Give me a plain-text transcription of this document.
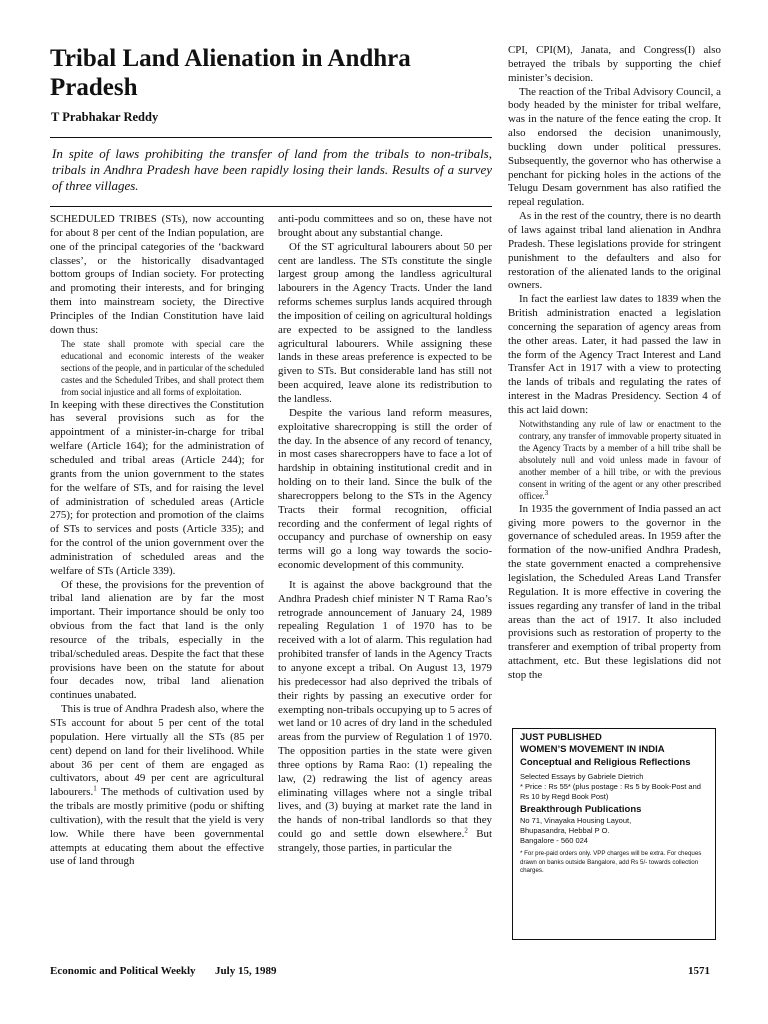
Tribal Land Alienation in Andhra Pradesh
T Prabhakar Reddy
In spite of laws prohibiting the transfer of land from the tribals to non-tribals, tribals in Andhra Pradesh have been rapidly losing their lands. Results of a survey of three villages.

SCHEDULED TRIBES (STs), now accounting for about 8 per cent of the Indian population, are one of the principal categories of the ‘backward classes’, or the historically disadvantaged bottom groups of Indian society. For protecting and promoting their interests, and for bringing them into mainstream society, the Directive Principles of the Indian Constitution have laid down thus:

The state shall promote with special care the educational and economic interests of the weaker sections of the people, and in particular of the scheduled castes and the Scheduled Tribes, and shall protect them from social injustice and all forms of exploitation.

In keeping with these directives the Constitution has several provisions such as for the appointment of a minister-in-charge for tribal welfare (Article 164); for the administration of scheduled and tribal areas (Article 244); for grants from the union government to the states for the welfare of STs, and for raising the level of administration of scheduled areas (Article 275); for protection and promotion of the claims of STs to services and posts (Article 335); and for the control of the union government over the administration of scheduled areas and the welfare of STs (Article 339).

Of these, the provisions for the prevention of tribal land alienation are by far the most important. Their importance should be only too obvious from the fact that land is the only resource of the tribals, especially in the tribal/scheduled areas. Despite the fact that these provisions have been on the statute for about four decades now, tribal land alienation continues unabated.

This is true of Andhra Pradesh also, where the STs account for about 5 per cent of the total population. Here virtually all the STs (85 per cent) depend on land for their livelihood. While about 36 per cent of them are engaged as cultivators, about 49 per cent are agricultural labourers.$^1$ The methods of cultivation used by the tribals are mostly primitive (podu or shifting cultivation), with the result that the yield is very low. While there have been governmental attempts at educating them about the effective use of land through

anti-podu committees and so on, these have not brought about any substantial change.

Of the ST agricultural labourers about 50 per cent are landless. The STs constitute the single largest group among the landless agricultural labourers in the Agency Tracts. Under the land reforms schemes surplus lands acquired through the imposition of ceiling on agricultural holdings are expected to be assigned to the landless agricultural labourers. While assigning these lands in these areas preference is expected to be given to STs. But considerable land has still not been acquired, leave alone its redistribution to the landless.

Despite the various land reform measures, exploitative sharecropping is still the order of the day. In the absence of any record of tenancy, in most cases sharecroppers have to face a lot of hardship in obtaining institutional credit and in holding on to their land. Since the bulk of the sharecroppers belong to the STs in the Agency Tracts their formal recognition, official recording and the conferment of legal rights of occupancy and purchase of ownership on easy terms will go a long way towards the socio-economic development of this community.

It is against the above background that the Andhra Pradesh chief minister N T Rama Rao’s retrograde announcement of January 24, 1989 repealing Regulation 1 of 1970 has to be received with a lot of alarm. This regulation had prohibited transfer of lands in the Agency Tracts to anyone except a tribal. On August 13, 1979 his predecessor had also deprived the tribals of their rights by passing an executive order for exempting non-tribals occupying up to 5 acres of wet land or 10 acres of dry land in the scheduled areas from the purview of Regulation 1 of 1970. The opposition parties in the state were given three options by Rama Rao: (1) repealing the law, (2) redrawing the list of agency areas eliminating villages where not a single tribal lives, and (3) buying at market rate the land in the hands of non-tribal landlords so that they could go and settle down elsewhere.$^2$ But strangely, those parties, in particular the

CPI, CPI(M), Janata, and Congress(I) also betrayed the tribals by supporting the chief minister’s decision.

The reaction of the Tribal Advisory Council, a body headed by the minister for tribal welfare, was in the nature of the fence eating the crop. It also endorsed the decision unanimously, buckling down under political pressures. Subsequently, the governor who has otherwise a penchant for picking holes in the actions of the Telugu Desam government has also ratified the repeal regulation.

As in the rest of the country, there is no dearth of laws against tribal land alienation in Andhra Pradesh. These legislations provide for stringent punishment to the defaulters and also for restoration of the alienated lands to the original owners.

In fact the earliest law dates to 1839 when the British administration enacted a legislation concerning the separation of agency areas from the other areas. Later, it had passed the law in the form of the Agency Tract Interest and Land Transfer Act in 1917 with a view to protecting the lands of tribals and regulating the rates of interest in the Madras Presidency. Section 4 of this act laid down:

Notwithstanding any rule of law or enactment to the contrary, any transfer of immovable property situated in the Agency Tracts by a member of a hill tribe shall be absolutely null and void unless made in favour of another member of a hill tribe, or with the previous consent in writing of the agent or any other prescribed officer.$^3$

In 1935 the government of India passed an act giving more powers to the governor in the governance of scheduled areas. In 1959 after the formation of the now-unified Andhra Pradesh, the state government enacted a comprehensive legislation, the Scheduled Areas Land Transfer Regulation. It is more effective in covering the issues regarding any transfer of land in the tribal areas than the act of 1917. It also included provisions such as restoration of property to the transferer and exemption of tribal property from attachment, etc. But these legislations did not stop the

JUST PUBLISHED
WOMEN’S MOVEMENT IN INDIA
Conceptual and Religious Reflections
Selected Essays by Gabriele Dietrich
* Price : Rs 55* (plus postage : Rs 5 by Book-Post and Rs 10 by Regd Book Post)
Breakthrough Publications
No 71, Vinayaka Housing Layout,
Bhupasandra, Hebbal P O.
Bangalore - 560 024
* For pre-paid orders only. VPP charges will be extra. For cheques drawn on banks outside Bangalore, add Rs 5/- towards collection charges.
Economic and Political Weekly July 15, 1989	1571
